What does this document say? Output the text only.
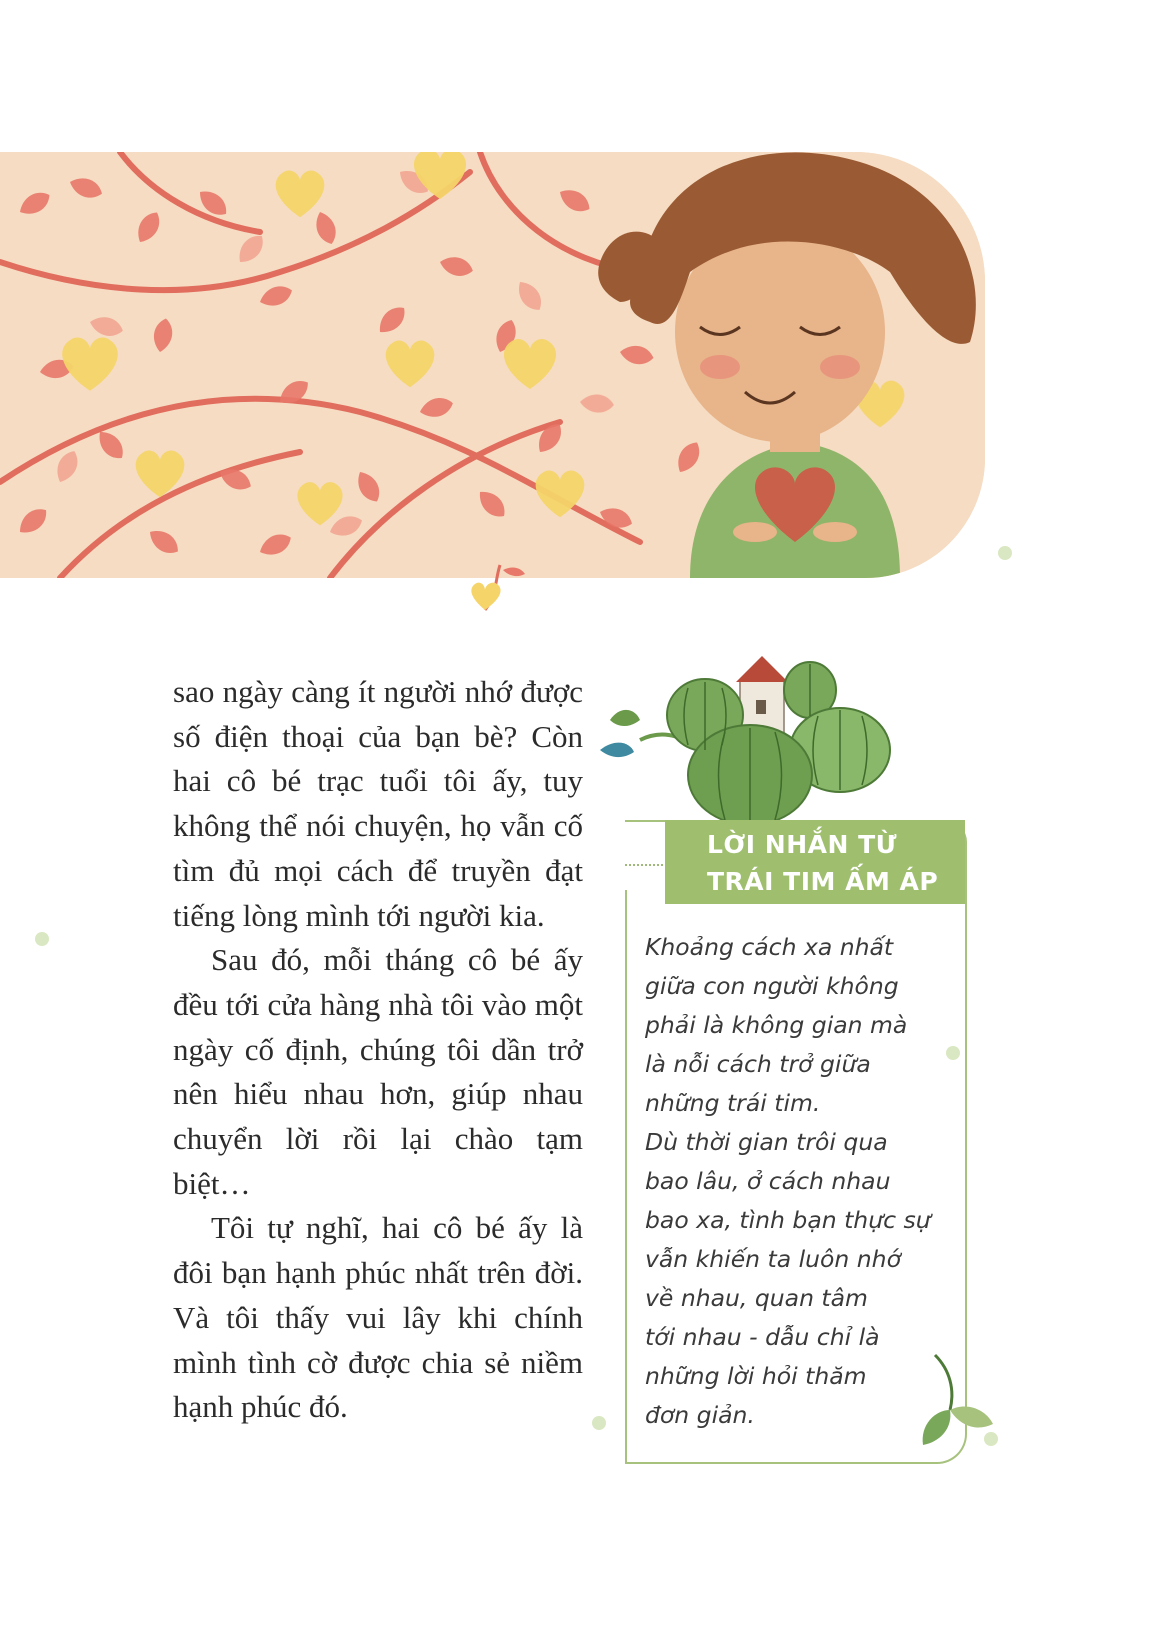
sao ngày càng ít người nhớ được số điện thoại của bạn bè? Còn hai cô bé trạc tuổi tôi ấy, tuy không thể nói chuyện, họ vẫn cố tìm đủ mọi cách để truyền đạt tiếng lòng mình tới người kia.

Sau đó, mỗi tháng cô bé ấy đều tới cửa hàng nhà tôi vào một ngày cố định, chúng tôi dần trở nên hiểu nhau hơn, giúp nhau chuyển lời rồi lại chào tạm biệt…

Tôi tự nghĩ, hai cô bé ấy là đôi bạn hạnh phúc nhất trên đời. Và tôi thấy vui lây khi chính mình tình cờ được chia sẻ niềm hạnh phúc đó.

LỜI NHẮN TỪ
TRÁI TIM ẤM ÁP
Khoảng cách xa nhất
giữa con người không
phải là không gian mà
là nỗi cách trở giữa
những trái tim.
Dù thời gian trôi qua
bao lâu, ở cách nhau
bao xa, tình bạn thực sự
vẫn khiến ta luôn nhớ
về nhau, quan tâm
tới nhau - dẫu chỉ là
những lời hỏi thăm
đơn giản.
